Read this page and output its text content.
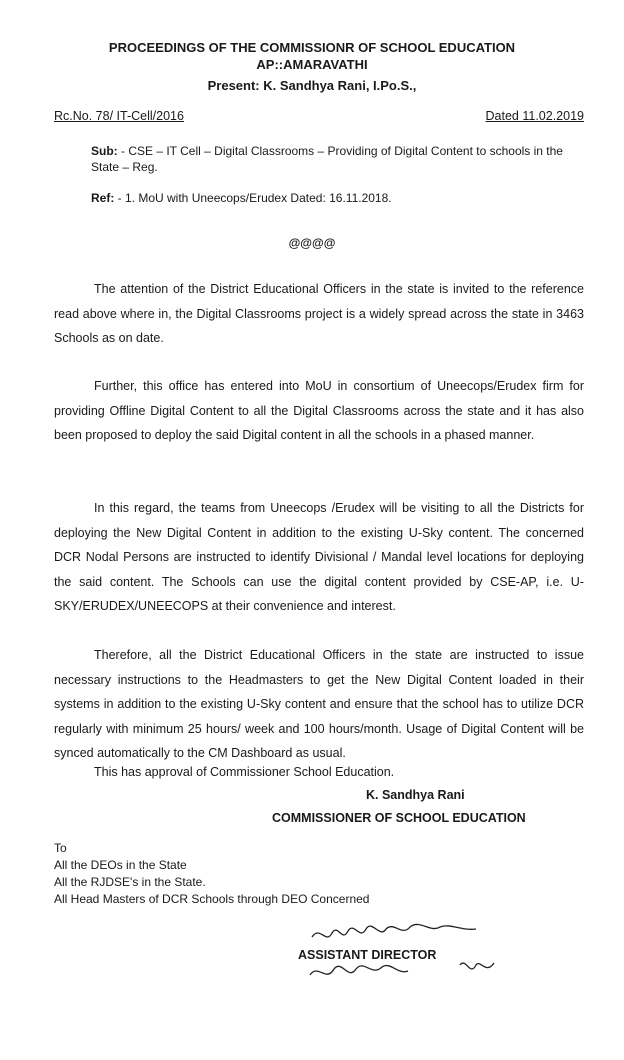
PROCEEDINGS OF THE COMMISSIONR OF SCHOOL EDUCATION
AP::AMARAVATHI
Present: K. Sandhya Rani, I.Po.S.,
Rc.No. 78/ IT-Cell/2016	Dated 11.02.2019
Sub: - CSE – IT Cell – Digital Classrooms – Providing of Digital Content to schools in the State – Reg.
Ref: - 1. MoU with Uneecops/Erudex Dated: 16.11.2018.
@@@@
The attention of the District Educational Officers in the state is invited to the reference read above where in, the Digital Classrooms project is a widely spread across the state in 3463 Schools as on date.
Further, this office has entered into MoU in consortium of Uneecops/Erudex firm for providing Offline Digital Content to all the Digital Classrooms across the state and it has also been proposed to deploy the said Digital content in all the schools in a phased manner.
In this regard, the teams from Uneecops /Erudex will be visiting to all the Districts for deploying the New Digital Content in addition to the existing U-Sky content. The concerned DCR Nodal Persons are instructed to identify Divisional / Mandal level locations for deploying the said content. The Schools can use the digital content provided by CSE-AP, i.e. U-SKY/ERUDEX/UNEECOPS at their convenience and interest.
Therefore, all the District Educational Officers in the state are instructed to issue necessary instructions to the Headmasters to get the New Digital Content loaded in their systems in addition to the existing U-Sky content and ensure that the school has to utilize DCR regularly with minimum 25 hours/ week and 100 hours/month. Usage of Digital Content will be synced automatically to the CM Dashboard as usual.
This has approval of Commissioner School Education.
K. Sandhya Rani
COMMISSIONER OF SCHOOL EDUCATION
To
All the DEOs in the State
All the RJDSE's in the State.
All Head Masters of DCR Schools through DEO Concerned
ASSISTANT DIRECTOR
